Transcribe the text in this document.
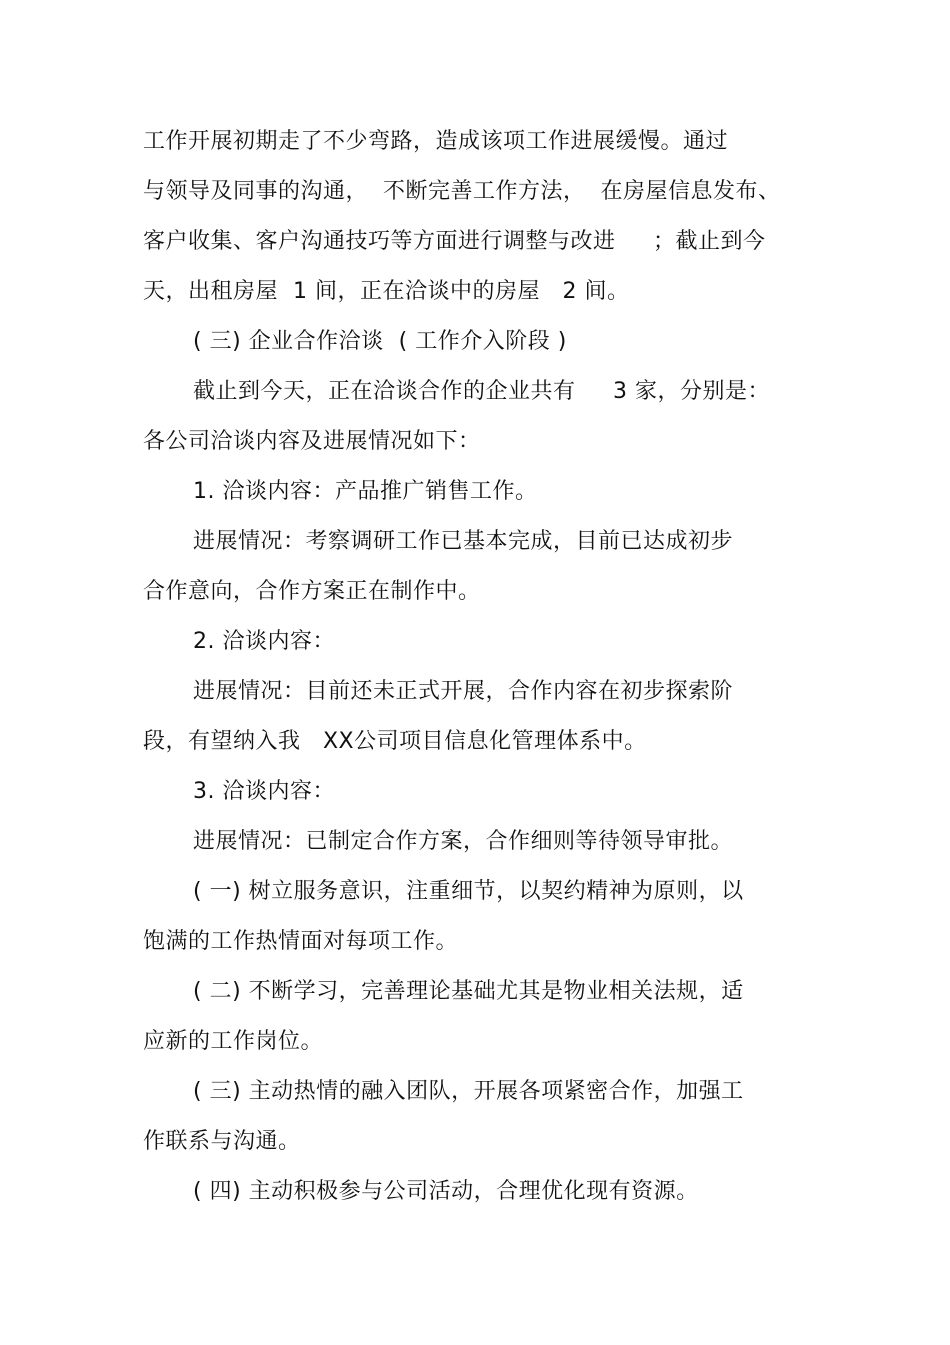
工作开展初期走了不少弯路，造成该项工作进展缓慢。通过
与领导及同事的沟通，  不断完善工作方法，  在房屋信息发布、
客户收集、客户沟通技巧等方面进行调整与改进     ；截止到今
天，出租房屋  1 间，正在洽谈中的房屋   2 间。
( 三) 企业合作洽谈  ( 工作介入阶段 )
截止到今天，正在洽谈合作的企业共有     3 家，分别是：
各公司洽谈内容及进展情况如下：
1. 洽谈内容：产品推广销售工作。
进展情况：考察调研工作已基本完成，目前已达成初步
合作意向，合作方案正在制作中。
2. 洽谈内容：
进展情况：目前还未正式开展，合作内容在初步探索阶
段，有望纳入我   XX公司项目信息化管理体系中。
3. 洽谈内容：
进展情况：已制定合作方案，合作细则等待领导审批。
( 一) 树立服务意识，注重细节，以契约精神为原则，以
饱满的工作热情面对每项工作。
( 二) 不断学习，完善理论基础尤其是物业相关法规，适
应新的工作岗位。
( 三) 主动热情的融入团队，开展各项紧密合作，加强工
作联系与沟通。
( 四) 主动积极参与公司活动，合理优化现有资源。
